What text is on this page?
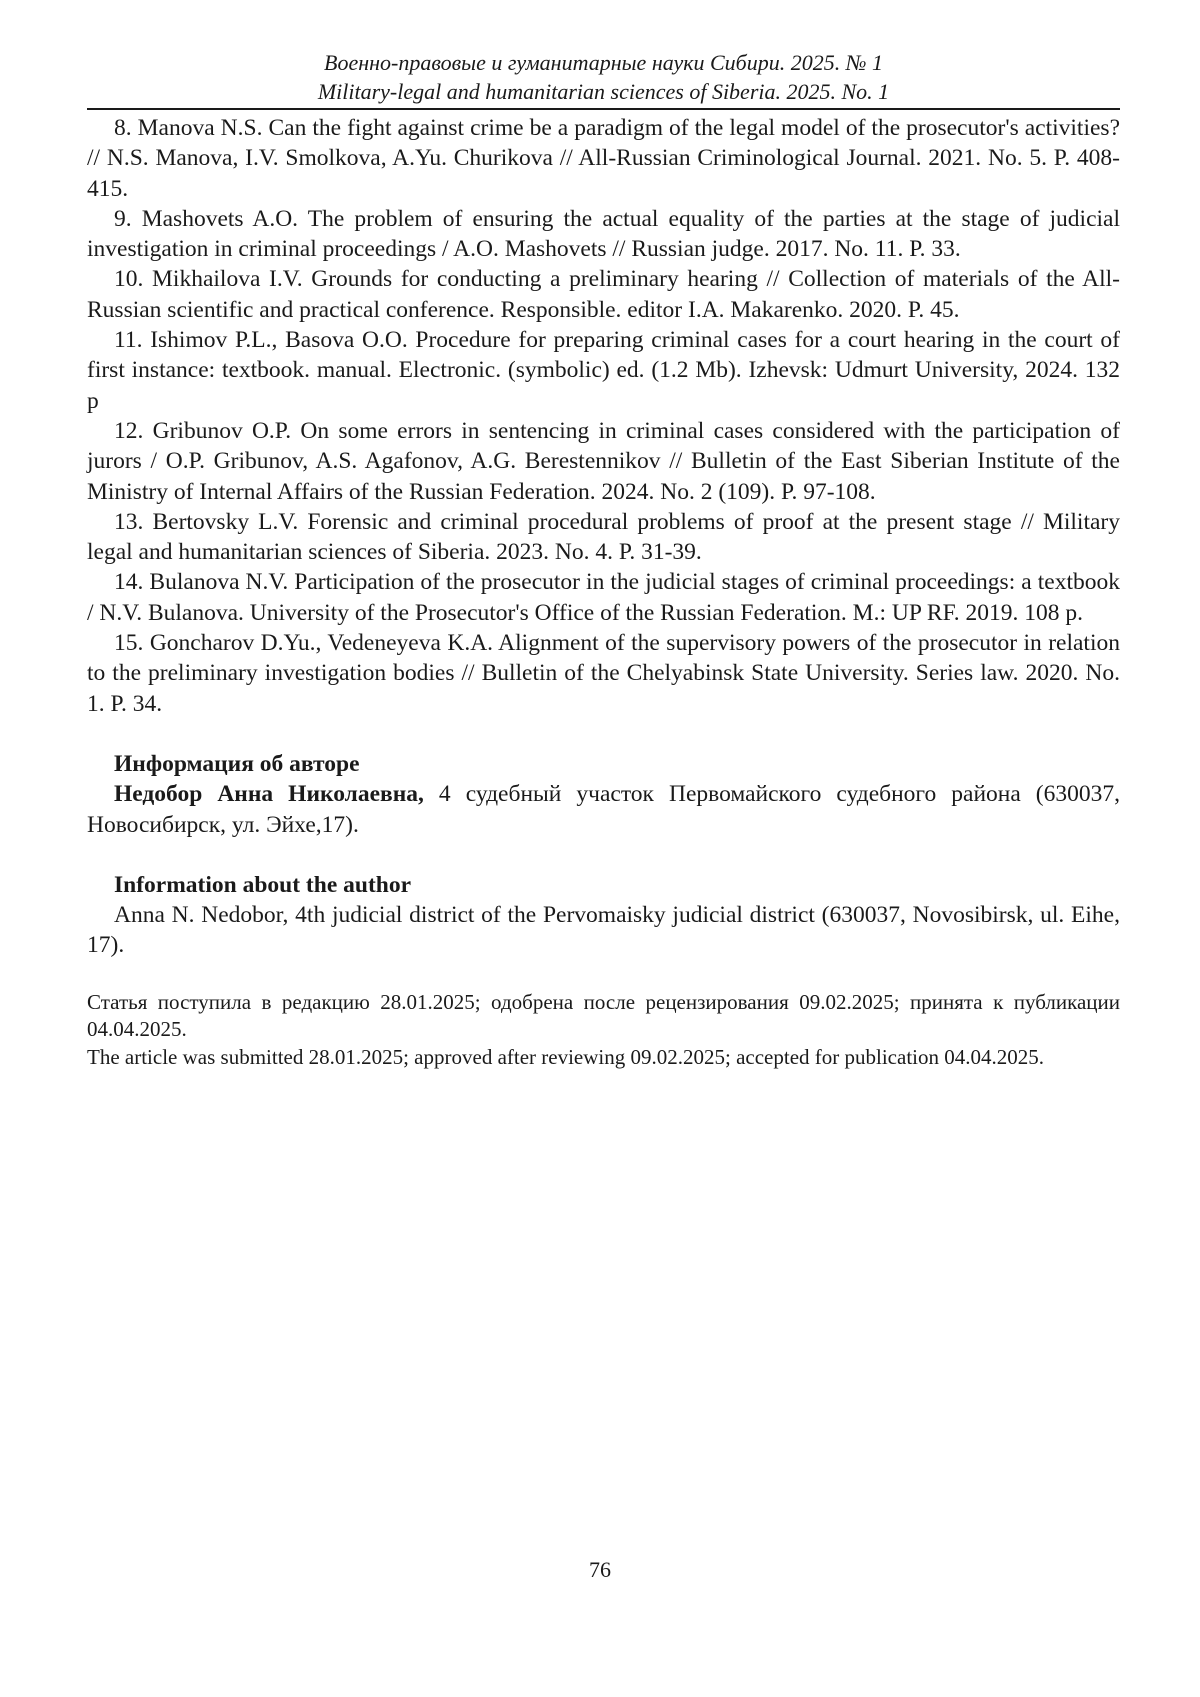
Военно-правовые и гуманитарные науки Сибири. 2025. № 1
Military-legal and humanitarian sciences of Siberia. 2025. No. 1

8. Manova N.S. Can the fight against crime be a paradigm of the legal model of the prosecutor's activities? // N.S. Manova, I.V. Smolkova, A.Yu. Churikova // All-Russian Criminological Journal. 2021. No. 5. P. 408-415.

9. Mashovets A.O. The problem of ensuring the actual equality of the parties at the stage of judicial investigation in criminal proceedings / A.O. Mashovets // Russian judge. 2017. No. 11. P. 33.

10. Mikhailova I.V. Grounds for conducting a preliminary hearing // Collection of materials of the All-Russian scientific and practical conference. Responsible. editor I.A. Makarenko. 2020. P. 45.

11. Ishimov P.L., Basova O.O. Procedure for preparing criminal cases for a court hearing in the court of first instance: textbook. manual. Electronic. (symbolic) ed. (1.2 Mb). Izhevsk: Udmurt University, 2024. 132 p

12. Gribunov O.P. On some errors in sentencing in criminal cases considered with the participation of jurors / O.P. Gribunov, A.S. Agafonov, A.G. Berestennikov // Bulletin of the East Siberian Institute of the Ministry of Internal Affairs of the Russian Federation. 2024. No. 2 (109). P. 97-108.

13. Bertovsky L.V. Forensic and criminal procedural problems of proof at the present stage // Military legal and humanitarian sciences of Siberia. 2023. No. 4. P. 31-39.

14. Bulanova N.V. Participation of the prosecutor in the judicial stages of criminal proceedings: a textbook / N.V. Bulanova. University of the Prosecutor's Office of the Russian Federation. M.: UP RF. 2019. 108 p.

15. Goncharov D.Yu., Vedeneyeva K.A. Alignment of the supervisory powers of the prosecutor in relation to the preliminary investigation bodies // Bulletin of the Chelyabinsk State University. Series law. 2020. No. 1. P. 34.

Информация об авторе

Недобор Анна Николаевна, 4 судебный участок Первомайского судебного района (630037, Новосибирск, ул. Эйхе,17).

Information about the author

Anna N. Nedobor, 4th judicial district of the Pervomaisky judicial district (630037, Novosibirsk, ul. Eihe, 17).

Статья поступила в редакцию 28.01.2025; одобрена после рецензирования 09.02.2025; принята к публикации 04.04.2025.

The article was submitted 28.01.2025; approved after reviewing 09.02.2025; accepted for publication 04.04.2025.

76
